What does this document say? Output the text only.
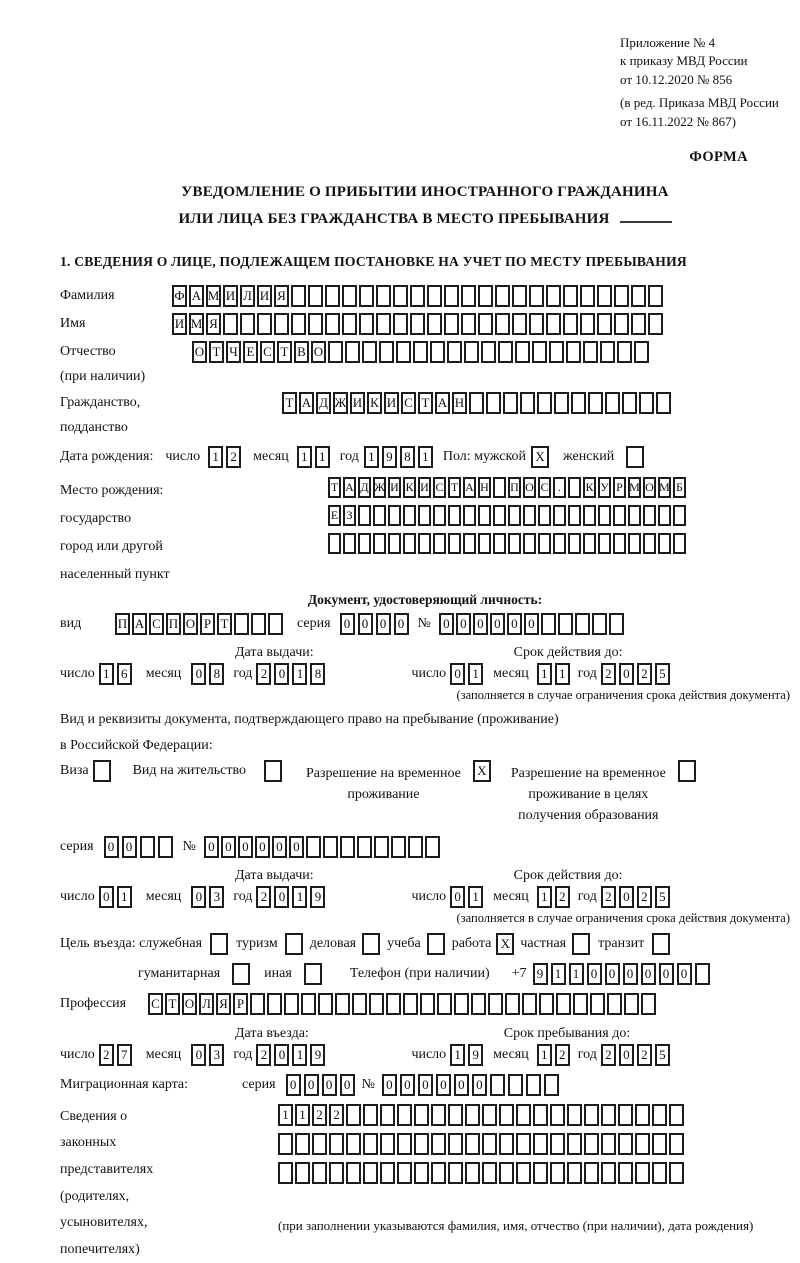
Приложение № 4
к приказу МВД России
от 10.12.2020 № 856
(в ред. Приказа МВД России
от 16.11.2022 № 867)
ФОРМА
УВЕДОМЛЕНИЕ О ПРИБЫТИИ ИНОСТРАННОГО ГРАЖДАНИНА
ИЛИ ЛИЦА БЕЗ ГРАЖДАНСТВА В МЕСТО ПРЕБЫВАНИЯ
1. СВЕДЕНИЯ О ЛИЦЕ, ПОДЛЕЖАЩЕМ ПОСТАНОВКЕ НА УЧЕТ ПО МЕСТУ ПРЕБЫВАНИЯ
Фамилия	Ф А М И Л И Я
Имя	И М Я
Отчество
(при наличии)
О Т Ч Е С Т В О
Гражданство,
подданство
Т А Д Ж И К И С Т А Н
Дата рождения: число 1 2	месяц 1 1	год 1 9 8 1	Пол: мужской X	женский
Место рождения:
государство
город или другой
населенный пункт
Т А Д Ж И К И С Т А Н П О С .	К У Р М О М Б
Е З
Документ, удостоверяющий личность:
вид	П А С П О Р Т	серия	0 0 0 0 № 0 0 0 0 0 0
Дата выдачи:	Срок действия до:
число 1 6	месяц	0 8 год 2 0 1 8	число 0 1	месяц 1 1 год 2 0 2 5
(заполняется в случае ограничения срока действия документа)
Вид и реквизиты документа, подтверждающего право на пребывание (проживание)
в Российской Федерации:
Виза	Вид на жительство	Разрешение на временное
проживание
X	Разрешение на временное
проживание в целях
получения образования
серия	0 0	№ 0 0 0 0 0 0
Дата выдачи:	Срок действия до:
число 0 1	месяц	0 3 год 2 0 1 9	число 0 1	месяц 1 2 год 2 0 2 5
(заполняется в случае ограничения срока действия документа)
Цель въезда: служебная туризм деловая учеба работа X частная транзит
гуманитарная	иная	Телефон (при наличии) +7 9 1 1 0 0 0 0 0 0
Профессия	С Т О Л Я Р
Дата въезда:	Срок пребывания до:
число 2 7	месяц	0 3 год 2 0 1 9	число 1 9	месяц 1 2 год 2 0 2 5
Миграционная карта:	серия	0 0 0 0 № 0 0 0 0 0 0
Сведения о
законных
представителях
(родителях,
усыновителях,
попечителях)
1 1 2 2
(при заполнении указываются фамилия, имя, отчество (при наличии), дата рождения)
